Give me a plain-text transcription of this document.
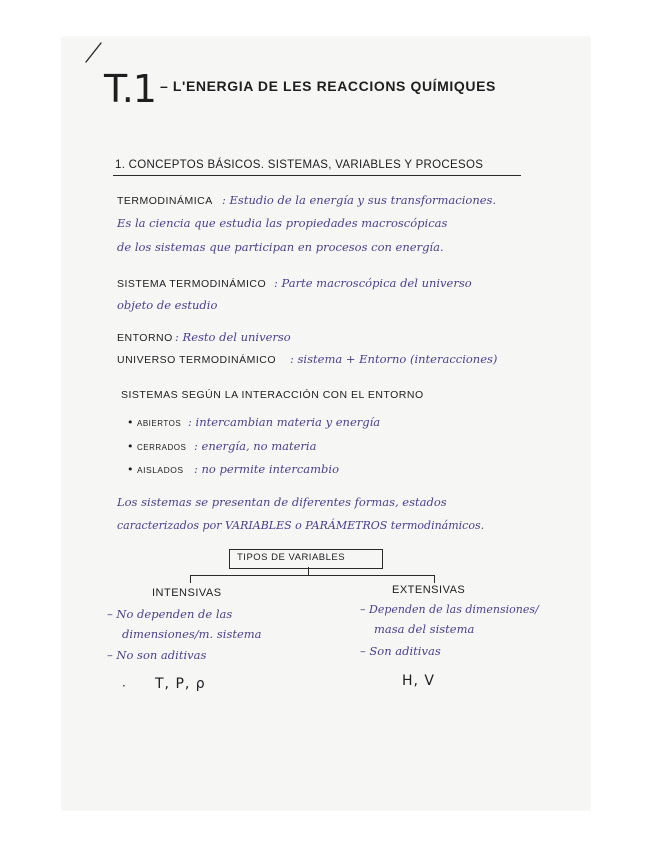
T.1 – L'ENERGIA DE LES REACCIONS QUÍMIQUES
1. CONCEPTOS BÁSICOS. SISTEMAS, VARIABLES Y PROCESOS
TERMODINÁMICA : Estudio de la energía y sus transformaciones.
Es la ciencia que estudia las propiedades macroscópicas
de los sistemas que participan en procesos con energía.
SISTEMA TERMODINÁMICO : Parte macroscópica del universo
objeto de estudio
ENTORNO : Resto del universo
UNIVERSO TERMODINÁMICO : sistema + Entorno (interacciones)
SISTEMAS SEGÚN LA INTERACCIÓN CON EL ENTORNO
• ABIERTOS : intercambian materia y energía
• CERRADOS : energía, no materia
• AISLADOS : no permite intercambio
Los sistemas se presentan de diferentes formas, estados
caracterizados por VARIABLES o PARÁMETROS termodinámicos.
TIPOS DE VARIABLES
INTENSIVAS
– No dependen de las
dimensiones/m. sistema
– No son aditivas
· T, P, ρ
EXTENSIVAS
– Dependen de las dimensiones/
masa del sistema
– Son aditivas
H, V
